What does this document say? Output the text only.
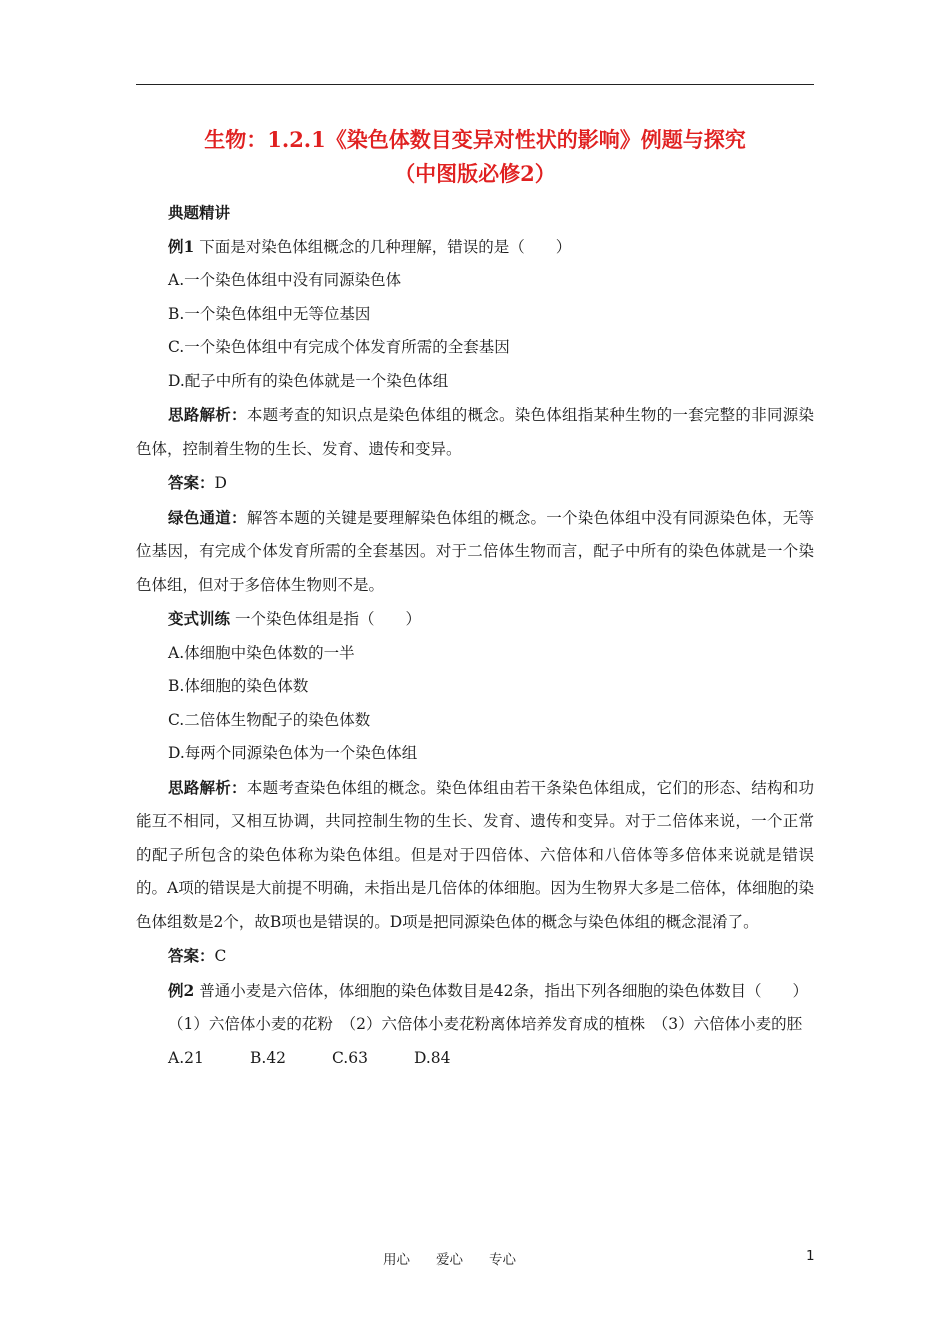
生物：1.2.1《染色体数目变异对性状的影响》例题与探究
（中图版必修2）

典题精讲

例1 下面是对染色体组概念的几种理解，错误的是（　　）

A.一个染色体组中没有同源染色体

B.一个染色体组中无等位基因

C.一个染色体组中有完成个体发育所需的全套基因

D.配子中所有的染色体就是一个染色体组

思路解析：本题考查的知识点是染色体组的概念。染色体组指某种生物的一套完整的非同源染色体，控制着生物的生长、发育、遗传和变异。

答案：D

绿色通道：解答本题的关键是要理解染色体组的概念。一个染色体组中没有同源染色体，无等位基因，有完成个体发育所需的全套基因。对于二倍体生物而言，配子中所有的染色体就是一个染色体组，但对于多倍体生物则不是。

变式训练 一个染色体组是指（　　）

A.体细胞中染色体数的一半

B.体细胞的染色体数

C.二倍体生物配子的染色体数

D.每两个同源染色体为一个染色体组

思路解析：本题考查染色体组的概念。染色体组由若干条染色体组成，它们的形态、结构和功能互不相同，又相互协调，共同控制生物的生长、发育、遗传和变异。对于二倍体来说，一个正常的配子所包含的染色体称为染色体组。但是对于四倍体、六倍体和八倍体等多倍体来说就是错误的。A项的错误是大前提不明确，未指出是几倍体的体细胞。因为生物界大多是二倍体，体细胞的染色体组数是2个，故B项也是错误的。D项是把同源染色体的概念与染色体组的概念混淆了。

答案：C

例2 普通小麦是六倍体，体细胞的染色体数目是42条，指出下列各细胞的染色体数目（　　）

（1）六倍体小麦的花粉　（2）六倍体小麦花粉离体培养发育成的植株　（3）六倍体小麦的胚

A.21	B.42	C.63	D.84

用心 爱心 专心	1
